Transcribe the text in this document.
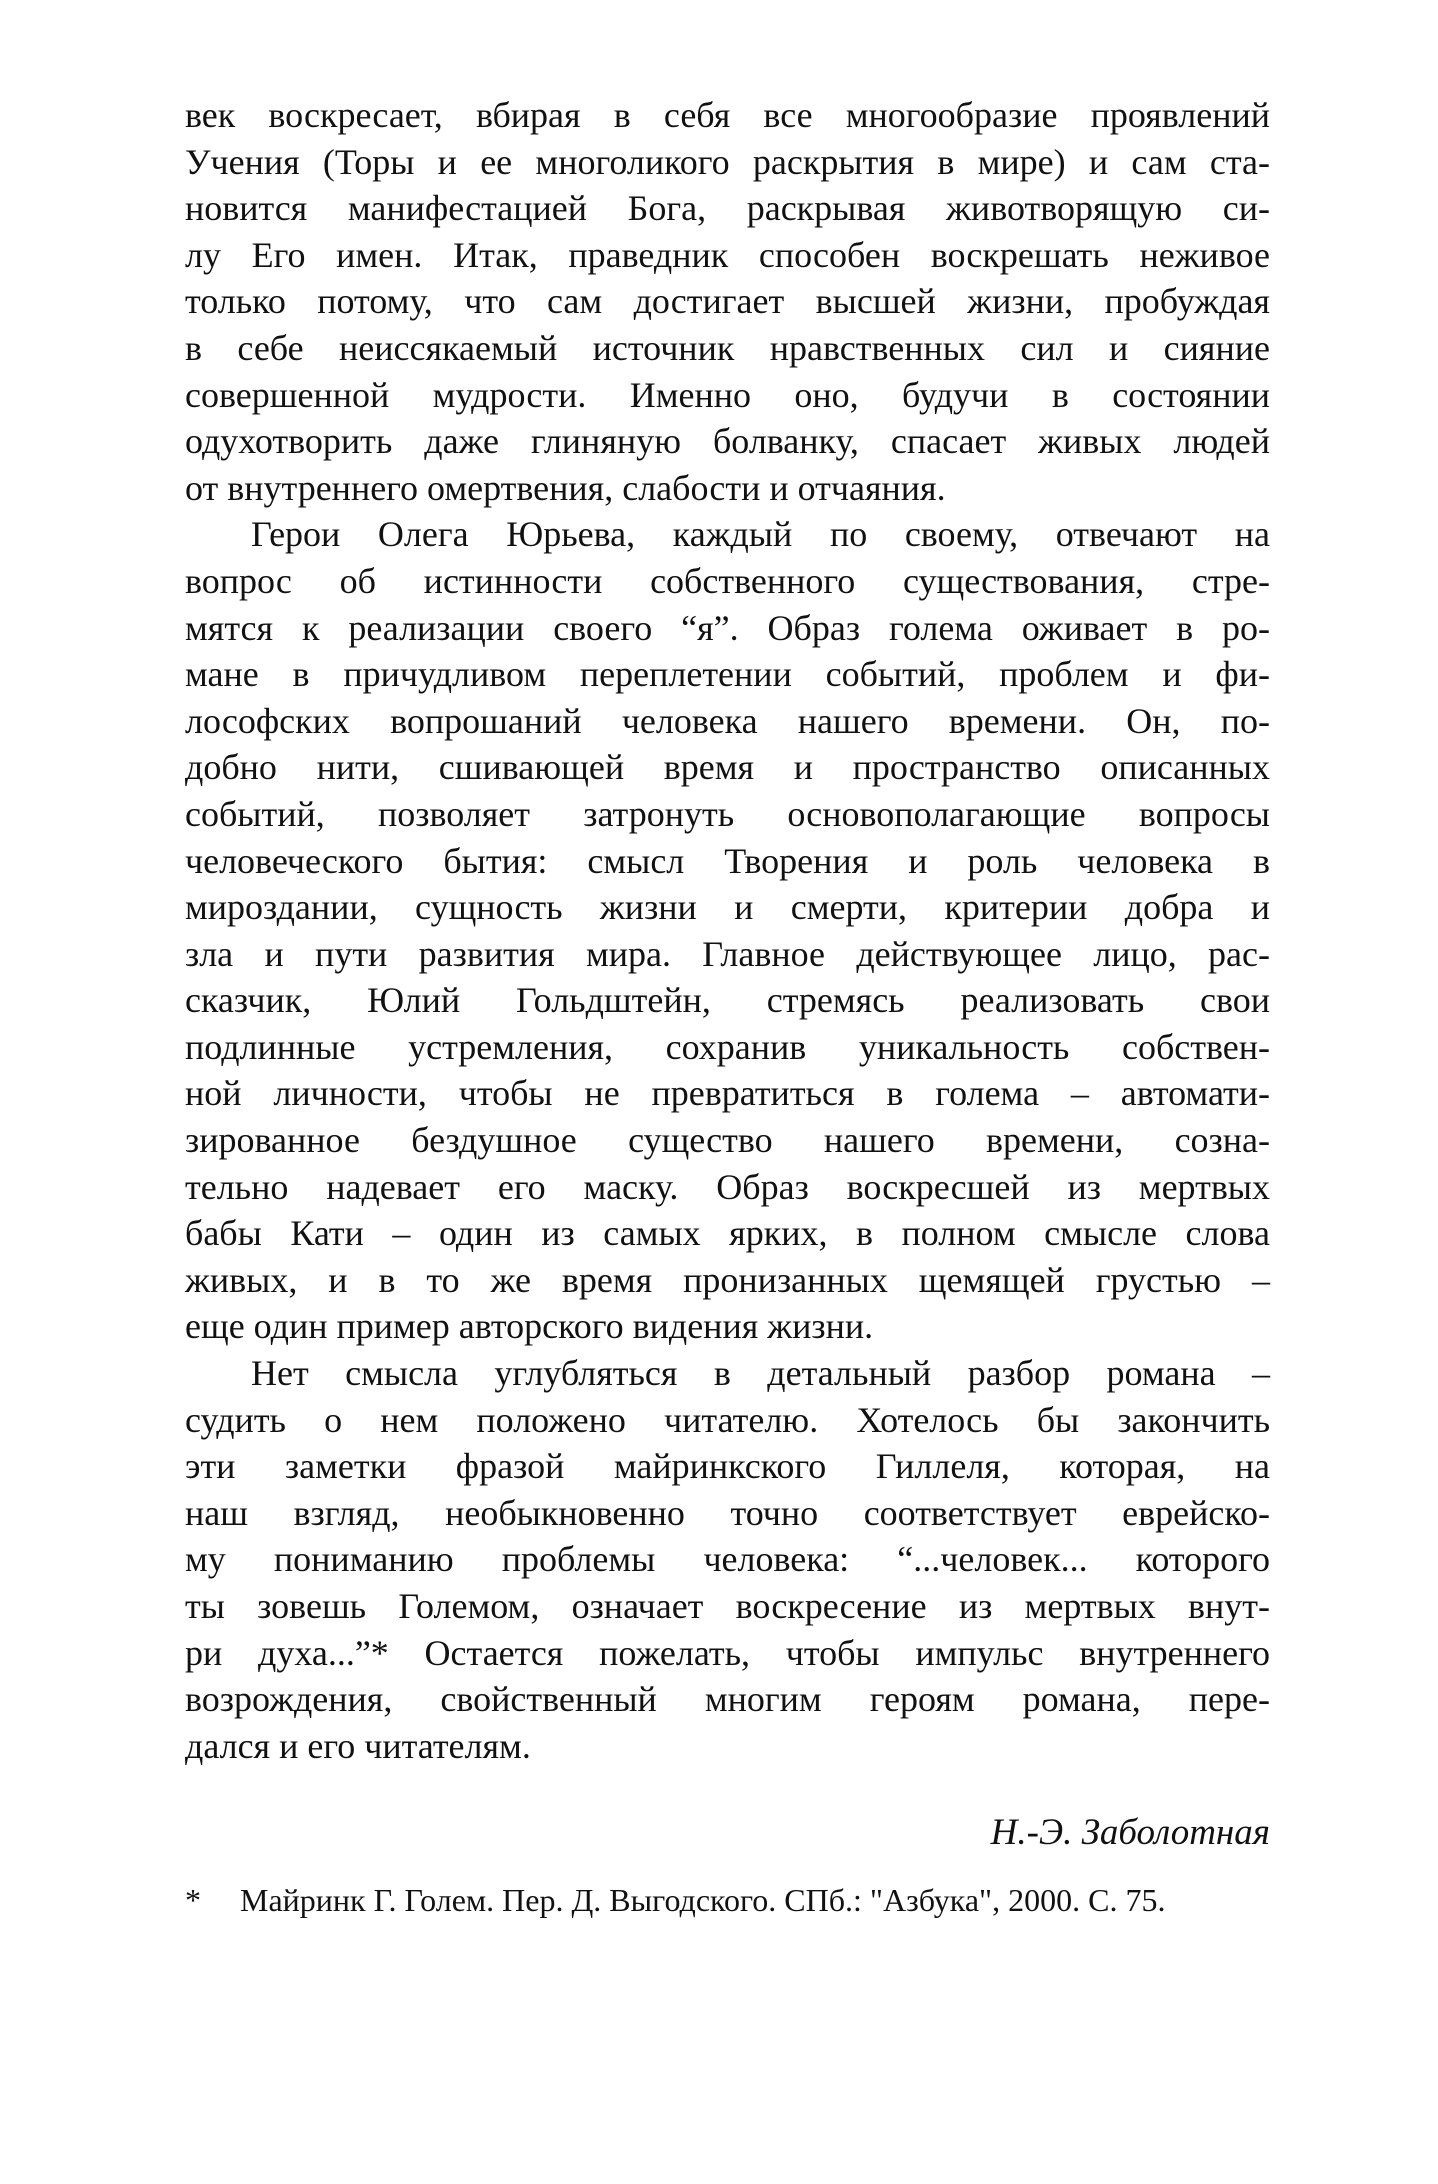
век воскресает, вбирая в себя все многообразие проявлений
Учения (Торы и ее многоликого раскрытия в мире) и сам ста-
новится манифестацией Бога, раскрывая животворящую си-
лу Его имен. Итак, праведник способен воскрешать неживое
только потому, что сам достигает высшей жизни, пробуждая
в себе неиссякаемый источник нравственных сил и сияние
совершенной мудрости. Именно оно, будучи в состоянии
одухотворить даже глиняную болванку, спасает живых людей
от внутреннего омертвения, слабости и отчаяния.
Герои Олега Юрьева, каждый по своему, отвечают на
вопрос об истинности собственного существования, стре-
мятся к реализации своего “я”. Образ голема оживает в ро-
мане в причудливом переплетении событий, проблем и фи-
лософских вопрошаний человека нашего времени. Он, по-
добно нити, сшивающей время и пространство описанных
событий, позволяет затронуть основополагающие вопросы
человеческого бытия: смысл Творения и роль человека в
мироздании, сущность жизни и смерти, критерии добра и
зла и пути развития мира. Главное действующее лицо, рас-
сказчик, Юлий Гольдштейн, стремясь реализовать свои
подлинные устремления, сохранив уникальность собствен-
ной личности, чтобы не превратиться в голема – автомати-
зированное бездушное существо нашего времени, созна-
тельно надевает его маску. Образ воскресшей из мертвых
бабы Кати – один из самых ярких, в полном смысле слова
живых, и в то же время пронизанных щемящей грустью –
еще один пример авторского видения жизни.
Нет смысла углубляться в детальный разбор романа –
судить о нем положено читателю. Хотелось бы закончить
эти заметки фразой майринкского Гиллеля, которая, на
наш взгляд, необыкновенно точно соответствует еврейско-
му пониманию проблемы человека: “...человек... которого
ты зовешь Големом, означает воскресение из мертвых внут-
ри духа...”* Остается пожелать, чтобы импульс внутреннего
возрождения, свойственный многим героям романа, пере-
дался и его читателям.
Н.-Э. Заболотная
* Майринк Г. Голем. Пер. Д. Выгодского. СПб.: "Азбука", 2000. С. 75.
